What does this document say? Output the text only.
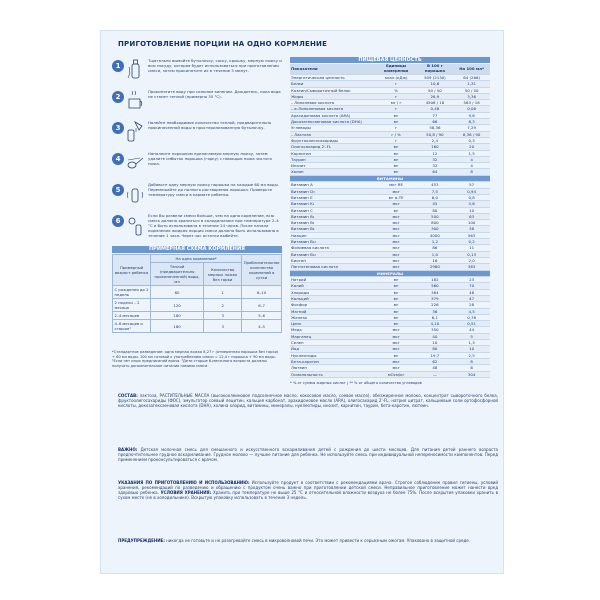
ПРИГОТОВЛЕНИЕ ПОРЦИИ НА ОДНО КОРМЛЕНИЕ
1
Тщательно вымойте бутылочку, соску, крышку, мерную ложку и всю посуду, которая будет использоваться при приготовлении смеси, затем прокипятите их в течение 5 минут.
2
Прокипятите воду при сильном кипении. Дождитесь, пока вода не станет теплой (примерно 35 °C).
3
Налейте необходимое количество теплой, предварительно прокипяченной воды в простерилизованную бутылочку.
4
Наполните порошком прилагаемую мерную ложку, затем удалите избыток порошка (горку) с помощью ножа чистого ножа.
5
Добавьте одну мерную ложку порошка на каждые 60 мл воды. Перемешайте до полного растворения порошка. Проверьте температуру смеси в кармате ребенка.
6
Если Вы развели смеси больше, чем на одно кормление, всю смесь должна храниться в холодильнике при температуре 2–4 °C и быть использована в течение 24 часов. После начала кормления жидкая порция смеси должна быть использована в течение 1 часа. Через час остатки выбейте.
ПРИМЕРНАЯ СХЕМА КОРМЛЕНИЯ
Примерный возраст ребенка	На одно кормление*		Приблизительное количество кормлений в сутки
	Теплой (предварительно прокипяченной) воды, мл	Количество мерных ложек без горки	
С рождения до 2 недель	60	1	8–10
2 недели – 2 месяца	120	2	6–7
2–4 месяцев	180	3	5–6
4–6 месяцев и старше¹	180	3	4–5
*Стандартное разведение: одна мерная ложка 8,27 г (отмеренная порошка без горки) + 60 мл воды. 100 мл готовой к употреблению смеси = 12,4 г порошка + 90 мл воды. ¹Если нет иных предписаний врача. ²Дети старше 6-месячного возраста должны получать дополнительное питание помимо смеси.
ПИЩЕВАЯ ЦЕННОСТЬ
Показатели	Единицы измерения	В 100 г порошка	На 100 мл*
Энергетическая ценность	ккал (кДж)	509 (2130)	64 (266)
Белки	г	10,6	1,31
Казеин/Сывороточный белок	%	50 / 50	50 / 50
Жиры	г	26,9	3,36
– Линолевая кислота	мг / г	4508 / 18	563 / 18
– α-Линоленовая кислота	г	0,48	0,06
Арахидоновая кислота (ARA)	мг	77	9,6
Докозагексаеновая кислота (DHA)	мг	66	8,3
Углеводы	г	58,36	7,29
– Лактоза	г / %	50,8 / 90	6,36 / 90
Фруктоолигосахариды	г	2,4	0,3
Олигосахарид 2'-FL	мг	160	20
Карнитин	мг	12	1,5
Таурин	мг	32	4
Инозит	мг	32	4
Холин	мг	64	8
ВИТАМИНЫ			
Витамин A	мкг RE	453	57
Витамин D₃	мкг	7,5	0,94
Витамин E	мг α-TE	6,0	0,8
Витамин K₁	мкг	45	5,6
Витамин C	мг	80	10
Витамин B₁	мкг	500	63
Витамин B₂	мкг	800	100
Витамин B₆	мкг	300	38
Ниацин	мкг	4000	563
Витамин B₁₂	мкг	1,2	0,2
Фолиевая кислота	мкг	86	11
Витамин B₁₂	мкг	1,0	0,13
Биотин	мкг	16	2,0
Пантотеновая кислота	мкг	2980	363
МИНЕРАЛЫ			
Натрий	мг	182	23
Калий	мг	560	70
Хлориды	мг	384	48
Кальций	мг	379	47
Фосфор	мг	226	28
Магний	мг	36	4,5
Железо	мг	6,1	0,76
Цинк	мг	4,10	0,51
Медь	мкг	350	44
Марганец	мкг	40	5
Селен	мкг	10	1,3
Йод	мкг	80	10
Нуклеотиды	мг	19,7	2,5
Бета-каротин	мкг	62	8
Лютеин	мкг	48	6
Осмоляльность	мОсм/кг	—	304
* % от суммы жирных кислот | ** % от общего количества углеводов
СОСТАВ: лактоза, РАСТИТЕЛЬНЫЕ МАСЛА (высокоолеиновое подсолнечное масло, кокосовое масло, соевое масло), обезжиренное молоко, концентрат сывороточного белка, фруктоолигосахариды (ФОС), эмульгатор соевый лецитин, кальция карбонат, арахидоновое масло (ARA), олигосахарид 2'-FL, натрия цитрат, кальциевые соли ортофосфорной кислоты, докозагексаеновая кислота (DHA), холина хлорид, витамины, минералы, нуклеотиды, инозит, карнитин, таурин, бета-каротин, лютеин.
ВАЖНО: Детская молочная смесь для смешанного и искусственного вскармливания детей с рождения до шести месяцев. Для питания детей раннего возраста предпочтительнее грудное вскармливание. Грудное молоко — лучшее питание для ребенка. Не используйте смесь при индивидуальной непереносимости компонентов. Перед применением проконсультироваться с врачом.
УКАЗАНИЯ ПО ПРИГОТОВЛЕНИЮ И ИСПОЛЬЗОВАНИЮ: Используйте продукт в соответствии с рекомендациями врача. Строгое соблюдение правил гигиены, условий хранения, рекомендаций по разведению и обращению с продуктом очень важно при приготовлении детской смеси. Неправильное приготовление может нанести вред здоровью ребенка. УСЛОВИЯ ХРАНЕНИЯ: Хранить при температуре не выше 25 °C и относительной влажности воздуха не более 75%. После вскрытия упаковки хранить в сухом месте (не в холодильнике). Вскрытую упаковку использовать в течение 3 недель.
ПРЕДУПРЕЖДЕНИЕ: никогда не готовьте и не разогревайте смесь в микроволновой печи. Это может привести к серьезным ожогам. Упаковано в защитной среде.
